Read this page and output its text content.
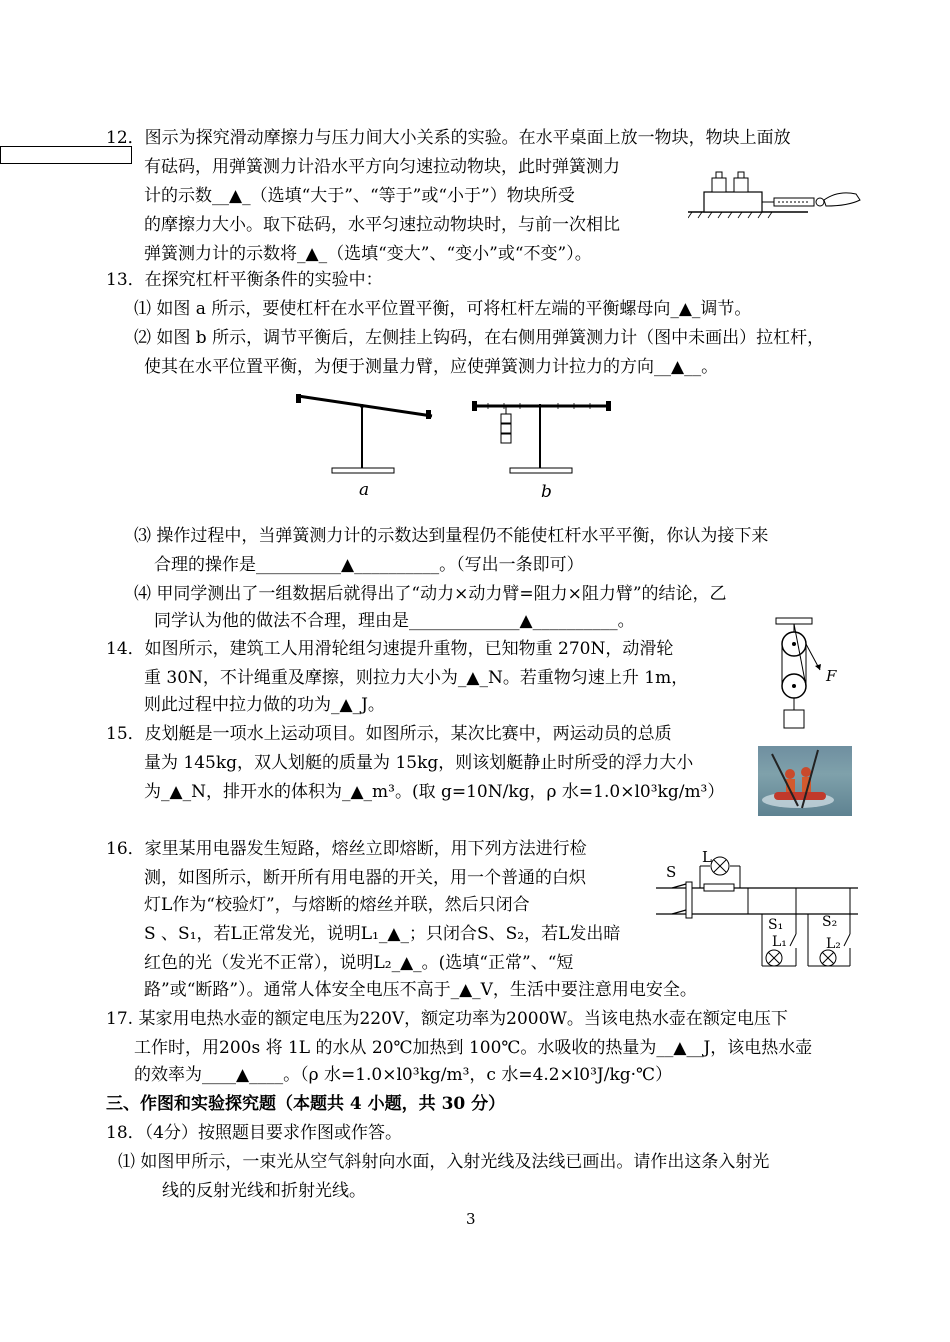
12．图示为探究滑动摩擦力与压力间大小关系的实验。在水平桌面上放一物块，物块上面放
有砝码，用弹簧测力计沿水平方向匀速拉动物块，此时弹簧测力
计的示数__▲_（选填“大于”、“等于”或“小于”）物块所受
的摩擦力大小。取下砝码，水平匀速拉动物块时，与前一次相比
弹簧测力计的示数将_▲_（选填“变大”、“变小”或“不变”）。
13．在探究杠杆平衡条件的实验中：
⑴ 如图 a 所示，要使杠杆在水平位置平衡，可将杠杆左端的平衡螺母向_▲_调节。
⑵ 如图 b 所示，调节平衡后，左侧挂上钩码，在右侧用弹簧测力计（图中未画出）拉杠杆，
使其在水平位置平衡，为便于测量力臂，应使弹簧测力计拉力的方向__▲__。
a	b
⑶ 操作过程中，当弹簧测力计的示数达到量程仍不能使杠杆水平平衡，你认为接下来
合理的操作是__________▲__________。（写出一条即可）
⑷ 甲同学测出了一组数据后就得出了“动力×动力臂=阻力×阻力臂”的结论，乙
同学认为他的做法不合理，理由是_____________▲__________。
14．如图所示，建筑工人用滑轮组匀速提升重物，已知物重 270N，动滑轮
重 30N，不计绳重及摩擦，则拉力大小为_▲_N。若重物匀速上升 1m，
则此过程中拉力做的功为_▲_J。
F
15．皮划艇是一项水上运动项目。如图所示，某次比赛中，两运动员的总质
量为 145kg，双人划艇的质量为 15kg，则该划艇静止时所受的浮力大小
为_▲_N，排开水的体积为_▲_m³。(取 g=10N/kg，ρ 水=1.0×l0³kg/m³）
16．家里某用电器发生短路，熔丝立即熔断，用下列方法进行检
测，如图所示，断开所有用电器的开关，用一个普通的白炽
灯L作为“校验灯”，与熔断的熔丝并联，然后只闭合
S 、S₁，若L正常发光，说明L₁_▲_；只闭合S、S₂，若L发出暗
红色的光（发光不正常），说明L₂_▲_。(选填“正常”、“短
路”或“断路”）。通常人体安全电压不高于_▲_V，生活中要注意用电安全。
S
L
S₁
L₁
S₂
L₂
17. 某家用电热水壶的额定电压为220V，额定功率为2000W。当该电热水壶在额定电压下
工作时，用200s 将 1L 的水从 20℃加热到 100℃。水吸收的热量为__▲__J，该电热水壶
的效率为____▲____。（ρ 水=1.0×l0³kg/m³，c 水=4.2×l0³J/kg·℃）
三、作图和实验探究题（本题共 4 小题，共 30 分）
18．（4分）按照题目要求作图或作答。
⑴ 如图甲所示，一束光从空气斜射向水面，入射光线及法线已画出。请作出这条入射光
线的反射光线和折射光线。
3
